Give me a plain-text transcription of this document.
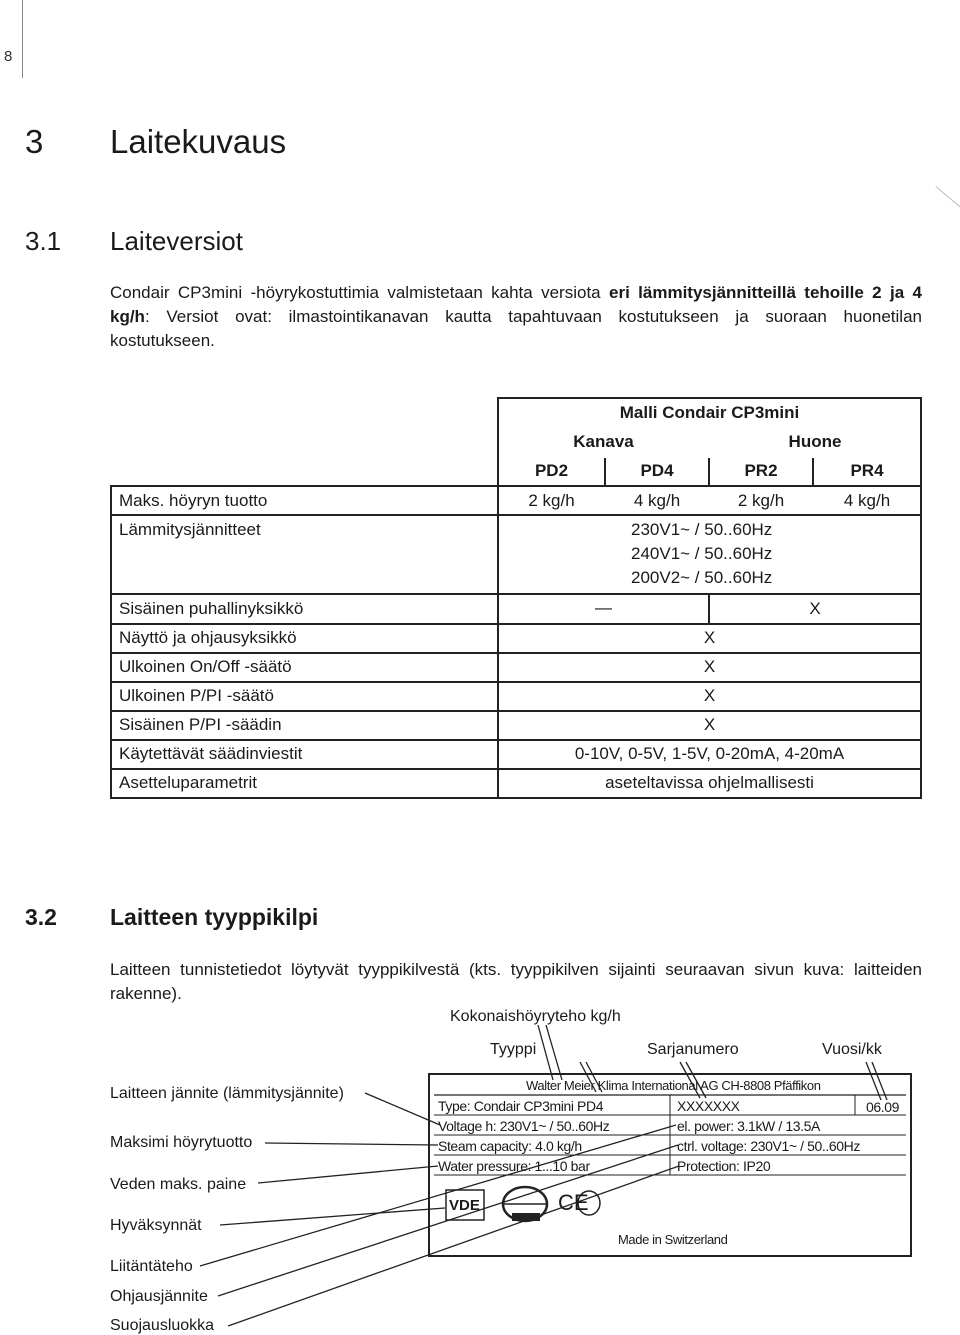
8
3 Laitekuvaus
3.1 Laiteversiot
Condair CP3mini -höyrykostuttimia valmistetaan kahta versiota eri lämmitysjännitteillä tehoille 2 ja 4 kg/h: Versiot ovat: ilmastointikanavan kautta tapahtuvaan kostutukseen ja suoraan huonetilan kostutukseen.
Malli Condair CP3mini
Kanava	Huone
PD2	PD4	PR2	PR4
Maks. höyryn tuotto	2 kg/h	4 kg/h	2 kg/h	4 kg/h
Lämmitysjännitteet	230V1~ / 50..60Hz
240V1~ / 50..60Hz
200V2~ / 50..60Hz
Sisäinen puhallinyksikkö	—	X
Näyttö ja ohjausyksikkö	X
Ulkoinen On/Off -säätö	X
Ulkoinen P/PI -säätö	X
Sisäinen P/PI -säädin	X
Käytettävät säädinviestit	0-10V, 0-5V, 1-5V, 0-20mA, 4-20mA
Asetteluparametrit	aseteltavissa ohjelmallisesti
3.2 Laitteen tyyppikilpi
Laitteen tunnistetiedot löytyvät tyyppikilvestä (kts. tyyppikilven sijainti seuraavan sivun kuva: laitteiden rakenne).
Kokonaishöyryteho kg/h
Tyyppi	Sarjanumero	Vuosi/kk
Laitteen jännite (lämmitysjännite)
Maksimi höyrytuotto
Veden maks. paine
Hyväksynnät
Liitäntäteho
Ohjausjännite
Suojausluokka
Walter Meier Klima International AG CH-8808 Pfäffikon
Type: Condair CP3mini PD4	XXXXXXX	06.09
Voltage h: 230V1~ / 50..60Hz	el. power: 3.1kW / 13.5A
Steam capacity: 4.0 kg/h	ctrl. voltage: 230V1~ / 50..60Hz
Water pressure: 1...10 bar	Protection: IP20
Made in Switzerland
VDE	CE
